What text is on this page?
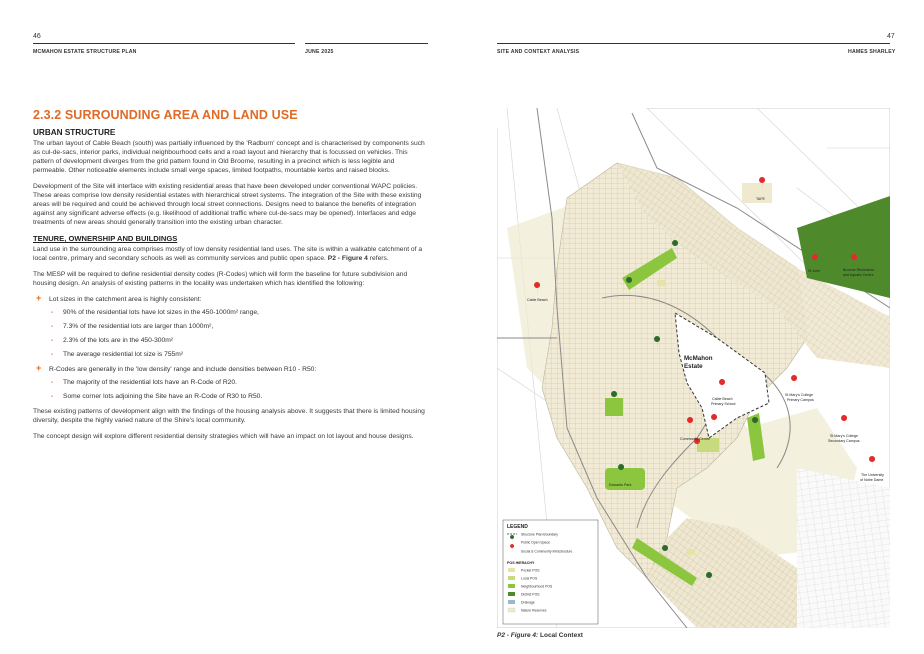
46
MCMAHON ESTATE STRUCTURE PLAN	JUNE 2025
2.3.2 SURROUNDING AREA AND LAND USE
URBAN STRUCTURE

The urban layout of Cable Beach (south) was partially influenced by the 'Radburn' concept and is characterised by components such as cul-de-sacs, interior parks, individual neighbourhood cells and a road layout and hierarchy that is focussed on vehicles. This pattern of development diverges from the grid pattern found in Old Broome, resulting in a precinct which is less legible and permeable. Other noticeable elements include small verge spaces, limited footpaths, mountable kerbs and raised blocks.

Development of the Site will interface with existing residential areas that have been developed under conventional WAPC policies. These areas comprise low density residential estates with hierarchical street systems. The integration of the Site with these existing areas will be required and could be achieved through local street connections. Designs need to balance the benefits of integration against any significant adverse effects (e.g. likelihood of additional traffic where cul-de-sacs may be opened). Interfaces and edge treatments of new areas should generally transition into the existing urban character.

TENURE, OWNERSHIP AND BUILDINGS

Land use in the surrounding area comprises mostly of low density residential land uses. The site is within a walkable catchment of a local centre, primary and secondary schools as well as community services and public open space. P2 - Figure 4 refers.

The MESP will be required to define residential density codes (R-Codes) which will form the baseline for future subdivision and housing design. An analysis of existing patterns in the locality was undertaken which has identified the following:

+ Lot sizes in the catchment area is highly consistent:
- 90% of the residential lots have lot sizes in the 450-1000m² range,
- 7.3% of the residential lots are larger than 1000m²,
- 2.3% of the lots are in the 450-300m²
- The average residential lot size is 755m²
+ R-Codes are generally in the 'low density' range and include densities between R10 - R50:
- The majority of the residential lots have an R-Code of R20.
- Some corner lots adjoining the Site have an R-Code of R30 to R50.

These existing patterns of development align with the findings of the housing analysis above. It suggests that there is limited housing diversity, despite the highly varied nature of the Shire's local community.

The concept design will explore different residential density strategies which will have an impact on lot layout and house designs.

47
SITE AND CONTEXT ANALYSIS	HAMES SHARLEY
McMahon
Estate
TAFE
Cable Beach
St John	Broome Recreation
and Aquatic Centre
Cable Beach
Primary School
St Mary's College
Primary Campus
St Mary's College
Secondary Campus
The University
of Notre Dame
Edwards Park
Community Centre
LEGEND
Structure Plan Boundary
Public Open Space
Social & Community Infrastructure
POS HIERACHY
Pocket POS
Local POS
Neighbourhood POS
District POS
Drainage
Nature Reserves
P2 - Figure 4: Local Context
